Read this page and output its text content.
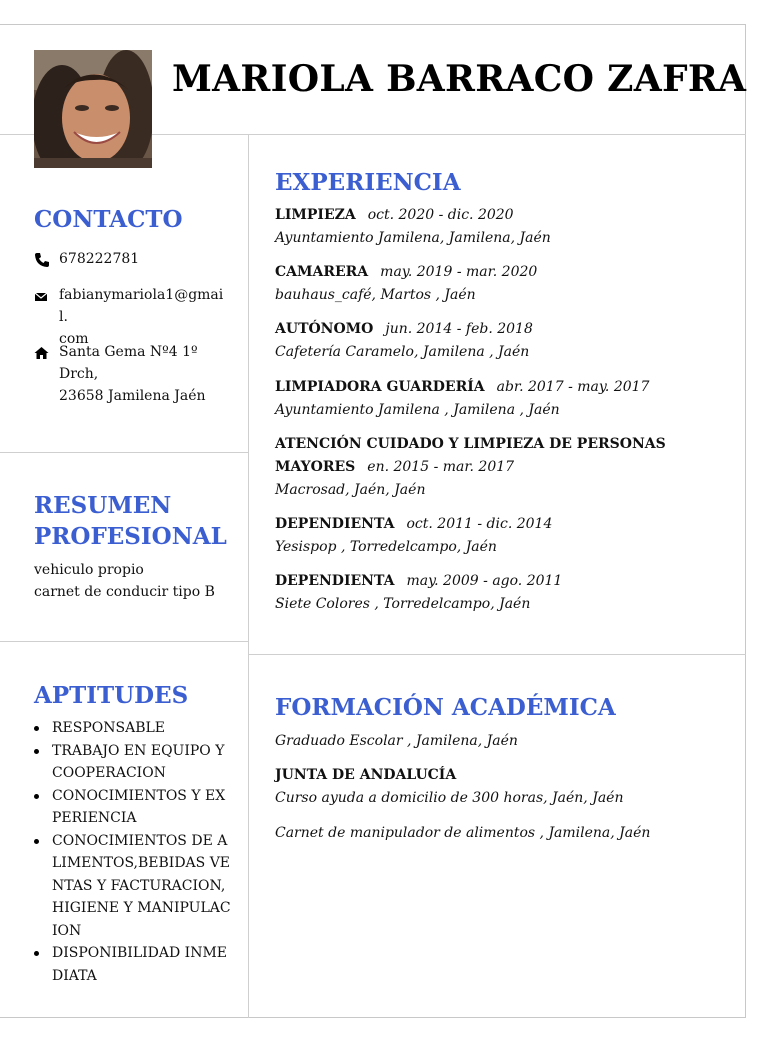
MARIOLA BARRACO ZAFRA
CONTACTO
678222781
fabianymariola1@gmail.
com
Santa Gema Nº4 1º
Drch,
23658 Jamilena Jaén
RESUMEN
PROFESIONAL
vehiculo propio
carnet de conducir tipo B
APTITUDES
RESPONSABLE
TRABAJO EN EQUIPO Y COOPERACION
CONOCIMIENTOS Y EXPERIENCIA
CONOCIMIENTOS DE ALIMENTOS,BEBIDAS VENTAS Y FACTURACION,HIGIENE Y MANIPULACION
DISPONIBILIDAD INMEDIATA
EXPERIENCIA
LIMPIEZA oct. 2020 - dic. 2020
Ayuntamiento Jamilena, Jamilena, Jaén
CAMARERA may. 2019 - mar. 2020
bauhaus_café, Martos , Jaén
AUTÓNOMO jun. 2014 - feb. 2018
Cafetería Caramelo, Jamilena , Jaén
LIMPIADORA GUARDERÍA abr. 2017 - may. 2017
Ayuntamiento Jamilena , Jamilena , Jaén
ATENCIÓN CUIDADO Y LIMPIEZA DE PERSONAS MAYORES en. 2015 - mar. 2017
Macrosad, Jaén, Jaén
DEPENDIENTA oct. 2011 - dic. 2014
Yesispop , Torredelcampo, Jaén
DEPENDIENTA may. 2009 - ago. 2011
Siete Colores , Torredelcampo, Jaén
FORMACIÓN ACADÉMICA
Graduado Escolar , Jamilena, Jaén
JUNTA DE ANDALUCÍA
Curso ayuda a domicilio de 300 horas, Jaén, Jaén
Carnet de manipulador de alimentos , Jamilena, Jaén
